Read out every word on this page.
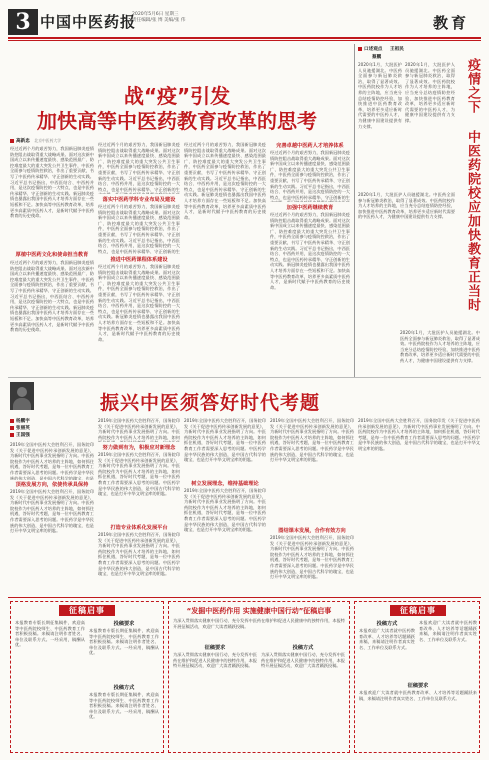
3 中国中医药报
2020年5月6日 星期三
责任编辑/张 博 美编/张 伟	教育
战“疫”引发
加快高等中医药教育改革的思考
高新忠 北京中医药大学
经过近两个月的艰苦努力，我国新冠肺炎疫情防控阻击战取得重大战略成果。面对这次新中国成立以来传播速度最快、感染范围最广、防控难度最大的重大突发公共卫生事件，中医药全面参与疫情防控救治，作出了重要贡献，书写了中医药传承精华、守正创新的生动实践。习近平总书记指出，中西医结合、中西药并用，是这次疫情防控的一大特点，也是中医药传承精华、守正创新的生动实践。新冠肺炎疫情也暴露出我国中医药人才培养方面存在一些短板和不足。加快高等中医药教育改革，培养更多高素质中医药人才，是新时代赋予中医药教育的历史使命。
厚植中医药文化和使命担当教育
经过近两个月的艰苦努力，我国新冠肺炎疫情防控阻击战取得重大战略成果。面对这次新中国成立以来传播速度最快、感染范围最广、防控难度最大的重大突发公共卫生事件，中医药全面参与疫情防控救治，作出了重要贡献，书写了中医药传承精华、守正创新的生动实践。习近平总书记指出，中西医结合、中西药并用，是这次疫情防控的一大特点，也是中医药传承精华、守正创新的生动实践。新冠肺炎疫情也暴露出我国中医药人才培养方面存在一些短板和不足。加快高等中医药教育改革，培养更多高素质中医药人才，是新时代赋予中医药教育的历史使命。
经过近两个月的艰苦努力，我国新冠肺炎疫情防控阻击战取得重大战略成果。面对这次新中国成立以来传播速度最快、感染范围最广、防控难度最大的重大突发公共卫生事件，中医药全面参与疫情防控救治，作出了重要贡献，书写了中医药传承精华、守正创新的生动实践。习近平总书记指出，中西医结合、中西药并用，是这次疫情防控的一大特点，也是中医药传承精华、守正创新的生
落实中医药学科专业布局及建设
经过近两个月的艰苦努力，我国新冠肺炎疫情防控阻击战取得重大战略成果。面对这次新中国成立以来传播速度最快、感染范围最广、防控难度最大的重大突发公共卫生事件，中医药全面参与疫情防控救治，作出了重要贡献，书写了中医药传承精华、守正创新的生动实践。习近平总书记指出，中西医结合、中西药并用，是这次疫情防控的一大特点，也是中医药传承精华、守正创新的生
推进中医药课程体系建设
经过近两个月的艰苦努力，我国新冠肺炎疫情防控阻击战取得重大战略成果。面对这次新中国成立以来传播速度最快、感染范围最广、防控难度最大的重大突发公共卫生事件，中医药全面参与疫情防控救治，作出了重要贡献，书写了中医药传承精华、守正创新的生动实践。习近平总书记指出，中西医结合、中西药并用，是这次疫情防控的一大特点，也是中医药传承精华、守正创新的生动实践。新冠肺炎疫情也暴露出我国中医药人才培养方面存在一些短板和不足。加快高等中医药教育改革，培养更多高素质中医药人才，是新时代赋予中医药教育的历史使命。
经过近两个月的艰苦努力，我国新冠肺炎疫情防控阻击战取得重大战略成果。面对这次新中国成立以来传播速度最快、感染范围最广、防控难度最大的重大突发公共卫生事件，中医药全面参与疫情防控救治，作出了重要贡献，书写了中医药传承精华、守正创新的生动实践。习近平总书记指出，中西医结合、中西药并用，是这次疫情防控的一大特点，也是中医药传承精华、守正创新的生动实践。新冠肺炎疫情也暴露出我国中医药人才培养方面存在一些短板和不足。加快高等中医药教育改革，培养更多高素质中医药人才，是新时代赋予中医药教育的历史使命。
完善卓越中医药人才培养体系
经过近两个月的艰苦努力，我国新冠肺炎疫情防控阻击战取得重大战略成果。面对这次新中国成立以来传播速度最快、感染范围最广、防控难度最大的重大突发公共卫生事件，中医药全面参与疫情防控救治，作出了重要贡献，书写了中医药传承精华、守正创新的生动实践。习近平总书记指出，中西医结合、中西药并用，是这次疫情防控的一大特点，也是中医药传承精华、守正创新的生
加强中医药继续教育
经过近两个月的艰苦努力，我国新冠肺炎疫情防控阻击战取得重大战略成果。面对这次新中国成立以来传播速度最快、感染范围最广、防控难度最大的重大突发公共卫生事件，中医药全面参与疫情防控救治，作出了重要贡献，书写了中医药传承精华、守正创新的生动实践。习近平总书记指出，中西医结合、中西药并用，是这次疫情防控的一大特点，也是中医药传承精华、守正创新的生动实践。新冠肺炎疫情也暴露出我国中医药人才培养方面存在一些短板和不足。加快高等中医药教育改革，培养更多高素质中医药人才，是新时代赋予中医药教育的历史使命。
口述观点 王祖民
蔡鹏
疫情之下 中医药院校应加快教育正当时
2020年1月，大批医护人员驰援湖北。中医药全面参与新冠肺炎救治，取得了显著成效。中医药院校作为人才培养的主阵地，应当充分总结疫情防控经验，加快推进中医药教育改革，培养更多适应新时代需要的中医药人才，为健康中国建设提供有力支撑。
2020年1月，大批医护人员驰援湖北。中医药全面参与新冠肺炎救治，取得了显著成效。中医药院校作为人才培养的主阵地，应当充分总结疫情防控经验，加快推进中医药教育改革，培养更多适应新时代需要的中医药人才，为健康中国建设提供有力支撑。
2020年1月，大批医护人员驰援湖北。中医药全面参与新冠肺炎救治，取得了显著成效。中医药院校作为人才培养的主阵地，应当充分总结疫情防控经验，加快推进中医药教育改革，培养更多适应新时代需要的中医药人才，为健康中国建设提供有力支撑。
2020年1月，大批医护人员驰援湖北。中医药全面参与新冠肺炎救治，取得了显著成效。中医药院校作为人才培养的主阵地，应当充分总结疫情防控经验，加快推进中医药教育改革，培养更多适应新时代需要的中医药人才，为健康中国建设提供有力支撑。
振兴中医须答好时代考题
杨鹏宇
张丽英
王国强
2019年全国中医药大会胜利召开，国务院印发《关于促进中医药传承创新发展的意见》，为新时代中医药事业发展指明了方向。中医药院校作为中医药人才培养的主阵地，如何抓住机遇，答好时代考题，是每一位中医药教育工作者需要深入思考的问题。中医药学是中华民族的伟大创造，是中国古代科学的瑰宝，也是
顶格发展方向，依使传承具保持
2019年全国中医药大会胜利召开，国务院印发《关于促进中医药传承创新发展的意见》，为新时代中医药事业发展指明了方向。中医药院校作为中医药人才培养的主阵地，如何抓住机遇，答好时代考题，是每一位中医药教育工作者需要深入思考的问题。中医药学是中华民族的伟大创造，是中国古代科学的瑰宝，也是打开中华文明宝库的钥匙。
2019年全国中医药大会胜利召开，国务院印发《关于促进中医药传承创新发展的意见》，为新时代中医药事业发展指明了方向。中医药院校作为中医药人才培养的主阵地，如何
努力做到有为，积极应对新理念
2019年全国中医药大会胜利召开，国务院印发《关于促进中医药传承创新发展的意见》，为新时代中医药事业发展指明了方向。中医药院校作为中医药人才培养的主阵地，如何抓住机遇，答好时代考题，是每一位中医药教育工作者需要深入思考的问题。中医药学是中华民族的伟大创造，是中国古代科学的瑰宝，也是打开中华文明宝库的钥匙。
打造专业体系化发展平台
2019年全国中医药大会胜利召开，国务院印发《关于促进中医药传承创新发展的意见》，为新时代中医药事业发展指明了方向。中医药院校作为中医药人才培养的主阵地，如何抓住机遇，答好时代考题，是每一位中医药教育工作者需要深入思考的问题。中医药学是中华民族的伟大创造，是中国古代科学的瑰宝，也是打开中华文明宝库的钥匙。
2019年全国中医药大会胜利召开，国务院印发《关于促进中医药传承创新发展的意见》，为新时代中医药事业发展指明了方向。中医药院校作为中医药人才培养的主阵地，如何抓住机遇，答好时代考题，是每一位中医药教育工作者需要深入思考的问题。中医药学是中华民族的伟大创造，是中国古代科学的瑰宝，也是打开中华文明宝库的钥匙。
树立发展理念，维持基础理论
2019年全国中医药大会胜利召开，国务院印发《关于促进中医药传承创新发展的意见》，为新时代中医药事业发展指明了方向。中医药院校作为中医药人才培养的主阵地，如何抓住机遇，答好时代考题，是每一位中医药教育工作者需要深入思考的问题。中医药学是中华民族的伟大创造，是中国古代科学的瑰宝，也是打开中华文明宝库的钥匙。
2019年全国中医药大会胜利召开，国务院印发《关于促进中医药传承创新发展的意见》，为新时代中医药事业发展指明了方向。中医药院校作为中医药人才培养的主阵地，如何抓住机遇，答好时代考题，是每一位中医药教育工作者需要深入思考的问题。中医药学是中华民族的伟大创造，是中国古代科学的瑰宝，也是打开中华文明宝库的钥匙。
图结课本发展，合作有效方向
2019年全国中医药大会胜利召开，国务院印发《关于促进中医药传承创新发展的意见》，为新时代中医药事业发展指明了方向。中医药院校作为中医药人才培养的主阵地，如何抓住机遇，答好时代考题，是每一位中医药教育工作者需要深入思考的问题。中医药学是中华民族的伟大创造，是中国古代科学的瑰宝，也是打开中华文明宝库的钥匙。
2019年全国中医药大会胜利召开，国务院印发《关于促进中医药传承创新发展的意见》，为新时代中医药事业发展指明了方向。中医药院校作为中医药人才培养的主阵地，如何抓住机遇，答好时代考题，是每一位中医药教育工作者需要深入思考的问题。中医药学是中华民族的伟大创造，是中国古代科学的瑰宝，也是打开中华文明宝库的钥匙。
征稿启事
本报教育专版长期征集稿件，欢迎高等中医药院校师生、中医药教育工作者积极投稿。来稿请注明作者姓名、单位及联系方式。一经采用，稿酬从优。
投稿要求
本报教育专版长期征集稿件，欢迎高等中医药院校师生、中医药教育工作者积极投稿。来稿请注明作者姓名、单位及联系方式。一经采用，稿酬从优。
投稿方式
本报教育专版长期征集稿件，欢迎高等中医药院校师生、中医药教育工作者积极投稿。来稿请注明作者姓名、单位及联系方式。一经采用，稿酬从优。
“发掘中医药作用 实施健康中国行动”征稿启事
为深入贯彻落实健康中国行动，充分发挥中医药在维护和促进人民健康中的独特作用，本报特开展征稿活动，欢迎广大读者踊跃投稿。
征稿要求
为深入贯彻落实健康中国行动，充分发挥中医药在维护和促进人民健康中的独特作用，本报特开展征稿活动，欢迎广大读者踊跃投稿。
投稿方式
为深入贯彻落实健康中国行动，充分发挥中医药在维护和促进人民健康中的独特作用，本报特开展征稿活动，欢迎广大读者踊跃投稿。
征稿启事
投稿方式
本报欢迎广大读者就中医药教育改革、人才培养等话题踊跃来稿，来稿请注明作者真实姓名、工作单位及联系方式。
征稿要求
本报欢迎广大读者就中医药教育改革、人才培养等话题踊跃来稿，来稿请注明作者真实姓名、工作单位及联系方式。
本报欢迎广大读者就中医药教育改革、人才培养等话题踊跃来稿，来稿请注明作者真实姓名、工作单位及联系方式。
